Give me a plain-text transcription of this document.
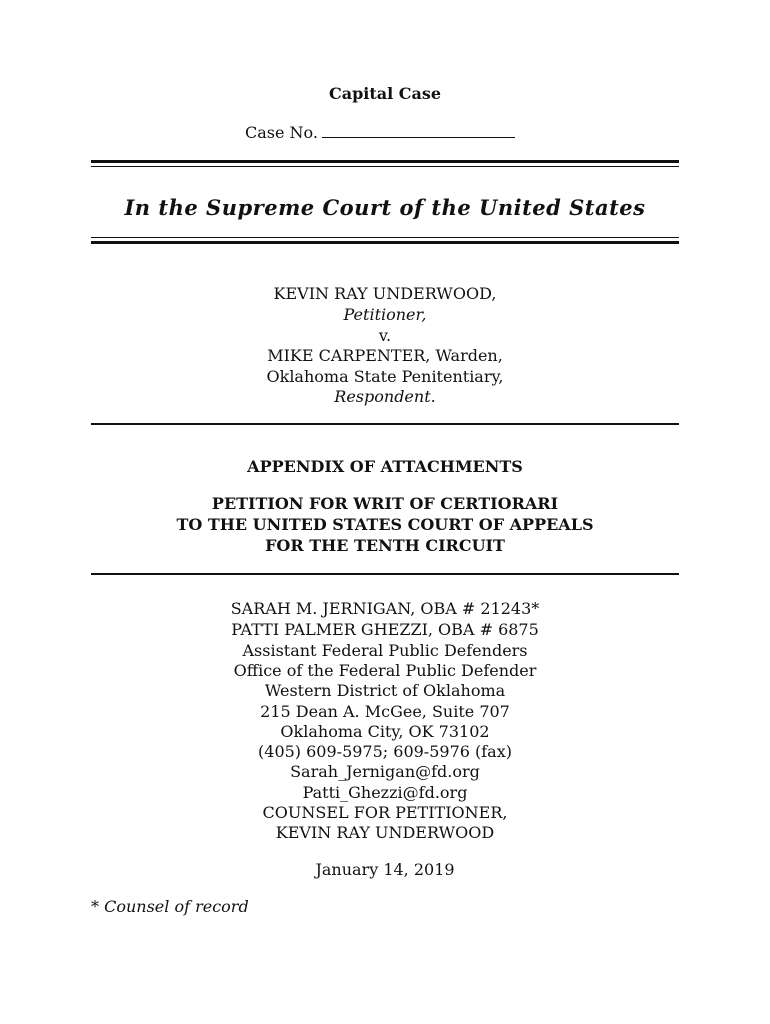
Capital Case
Case No.
In the Supreme Court of the United States
KEVIN RAY UNDERWOOD,
Petitioner,
v.
MIKE CARPENTER, Warden,
Oklahoma State Penitentiary,
Respondent.
APPENDIX OF ATTACHMENTS
PETITION FOR WRIT OF CERTIORARI
TO THE UNITED STATES COURT OF APPEALS
FOR THE TENTH CIRCUIT
SARAH M. JERNIGAN, OBA # 21243*
PATTI PALMER GHEZZI, OBA # 6875
Assistant Federal Public Defenders
Office of the Federal Public Defender
Western District of Oklahoma
215 Dean A. McGee, Suite 707
Oklahoma City, OK 73102
(405) 609-5975; 609-5976 (fax)
Sarah_Jernigan@fd.org
Patti_Ghezzi@fd.org
COUNSEL FOR PETITIONER,
KEVIN RAY UNDERWOOD
January 14, 2019
* Counsel of record
